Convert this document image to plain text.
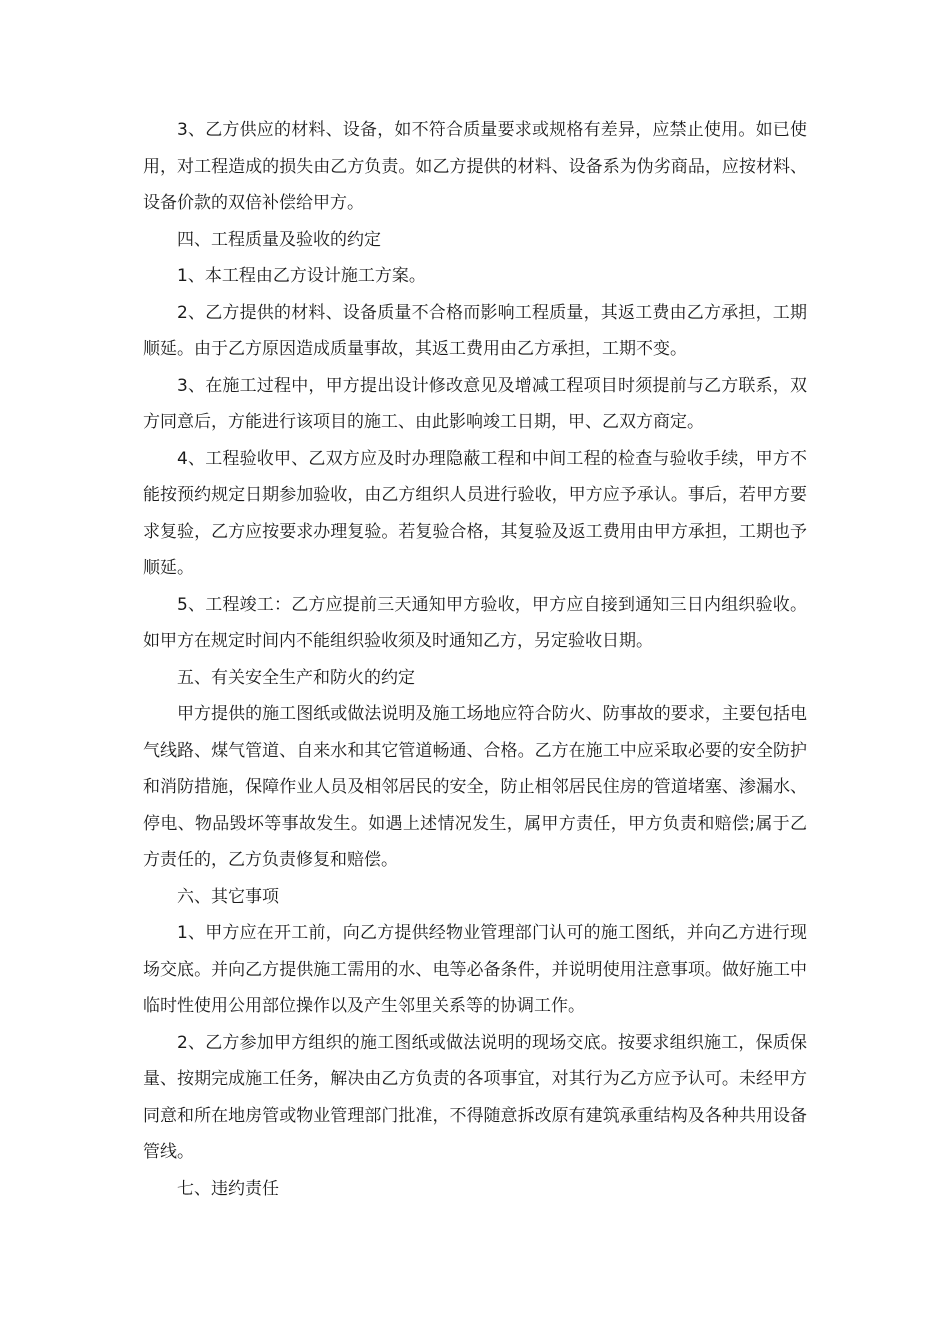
3、乙方供应的材料、设备，如不符合质量要求或规格有差异，应禁止使用。如已使用，对工程造成的损失由乙方负责。如乙方提供的材料、设备系为伪劣商品，应按材料、设备价款的双倍补偿给甲方。

四、工程质量及验收的约定

1、本工程由乙方设计施工方案。

2、乙方提供的材料、设备质量不合格而影响工程质量，其返工费由乙方承担，工期顺延。由于乙方原因造成质量事故，其返工费用由乙方承担，工期不变。

3、在施工过程中，甲方提出设计修改意见及增减工程项目时须提前与乙方联系，双方同意后，方能进行该项目的施工、由此影响竣工日期，甲、乙双方商定。

4、工程验收甲、乙双方应及时办理隐蔽工程和中间工程的检查与验收手续，甲方不能按预约规定日期参加验收，由乙方组织人员进行验收，甲方应予承认。事后，若甲方要求复验，乙方应按要求办理复验。若复验合格，其复验及返工费用由甲方承担，工期也予顺延。

5、工程竣工：乙方应提前三天通知甲方验收，甲方应自接到通知三日内组织验收。如甲方在规定时间内不能组织验收须及时通知乙方，另定验收日期。

五、有关安全生产和防火的约定

甲方提供的施工图纸或做法说明及施工场地应符合防火、防事故的要求，主要包括电气线路、煤气管道、自来水和其它管道畅通、合格。乙方在施工中应采取必要的安全防护和消防措施，保障作业人员及相邻居民的安全，防止相邻居民住房的管道堵塞、渗漏水、停电、物品毁坏等事故发生。如遇上述情况发生，属甲方责任，甲方负责和赔偿;属于乙方责任的，乙方负责修复和赔偿。

六、其它事项

1、甲方应在开工前，向乙方提供经物业管理部门认可的施工图纸，并向乙方进行现场交底。并向乙方提供施工需用的水、电等必备条件，并说明使用注意事项。做好施工中临时性使用公用部位操作以及产生邻里关系等的协调工作。

2、乙方参加甲方组织的施工图纸或做法说明的现场交底。按要求组织施工，保质保量、按期完成施工任务，解决由乙方负责的各项事宜，对其行为乙方应予认可。未经甲方同意和所在地房管或物业管理部门批准，不得随意拆改原有建筑承重结构及各种共用设备管线。

七、违约责任
